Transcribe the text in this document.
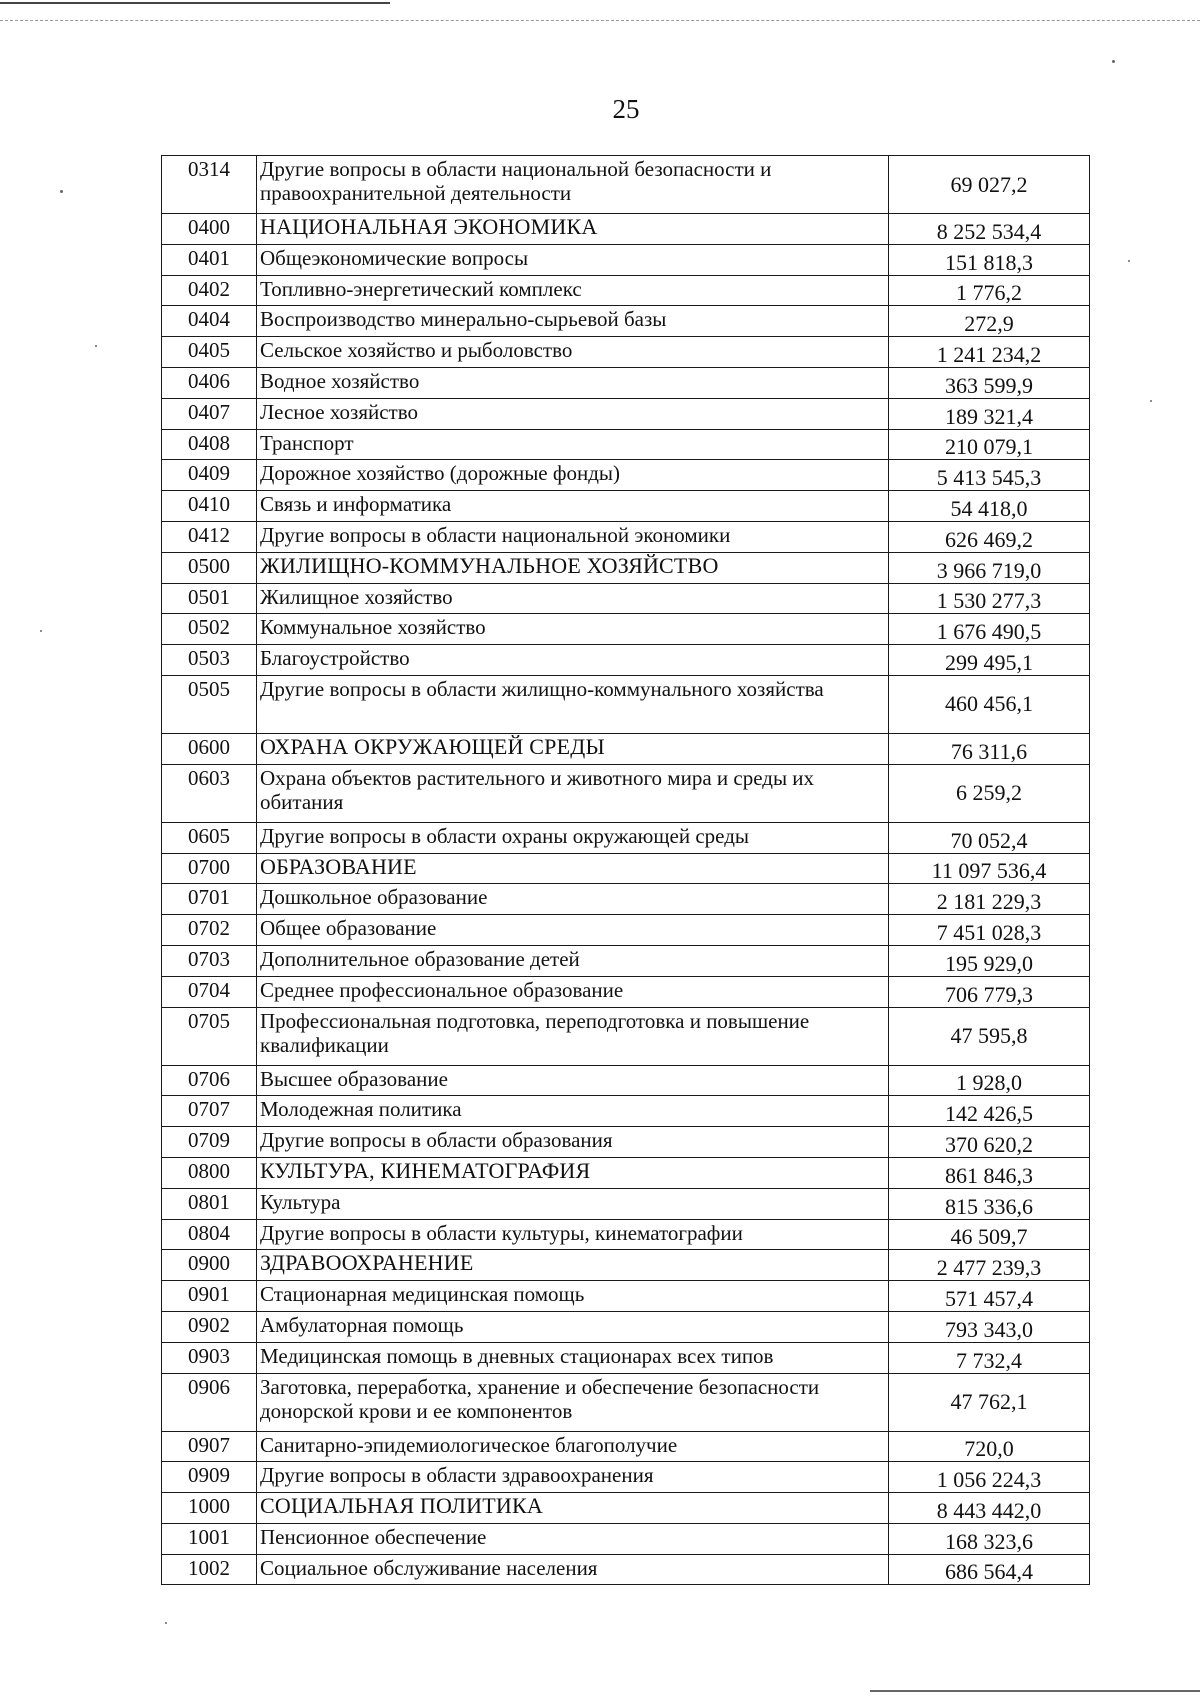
25
0314	Другие вопросы в области национальной безопасности и правоохранительной деятельности	69 027,2
0400	НАЦИОНАЛЬНАЯ ЭКОНОМИКА	8 252 534,4
0401	Общеэкономические вопросы	151 818,3
0402	Топливно-энергетический комплекс	1 776,2
0404	Воспроизводство минерально-сырьевой базы	272,9
0405	Сельское хозяйство и рыболовство	1 241 234,2
0406	Водное хозяйство	363 599,9
0407	Лесное хозяйство	189 321,4
0408	Транспорт	210 079,1
0409	Дорожное хозяйство (дорожные фонды)	5 413 545,3
0410	Связь и информатика	54 418,0
0412	Другие вопросы в области национальной экономики	626 469,2
0500	ЖИЛИЩНО-КОММУНАЛЬНОЕ ХОЗЯЙСТВО	3 966 719,0
0501	Жилищное хозяйство	1 530 277,3
0502	Коммунальное хозяйство	1 676 490,5
0503	Благоустройство	299 495,1
0505	Другие вопросы в области жилищно-коммунального хозяйства	460 456,1
0600	ОХРАНА ОКРУЖАЮЩЕЙ СРЕДЫ	76 311,6
0603	Охрана объектов растительного и животного мира и среды их обитания	6 259,2
0605	Другие вопросы в области охраны окружающей среды	70 052,4
0700	ОБРАЗОВАНИЕ	11 097 536,4
0701	Дошкольное образование	2 181 229,3
0702	Общее образование	7 451 028,3
0703	Дополнительное образование детей	195 929,0
0704	Среднее профессиональное образование	706 779,3
0705	Профессиональная подготовка, переподготовка и повышение квалификации	47 595,8
0706	Высшее образование	1 928,0
0707	Молодежная политика	142 426,5
0709	Другие вопросы в области образования	370 620,2
0800	КУЛЬТУРА, КИНЕМАТОГРАФИЯ	861 846,3
0801	Культура	815 336,6
0804	Другие вопросы в области культуры, кинематографии	46 509,7
0900	ЗДРАВООХРАНЕНИЕ	2 477 239,3
0901	Стационарная медицинская помощь	571 457,4
0902	Амбулаторная помощь	793 343,0
0903	Медицинская помощь в дневных стационарах всех типов	7 732,4
0906	Заготовка, переработка, хранение и обеспечение безопасности донорской крови и ее компонентов	47 762,1
0907	Санитарно-эпидемиологическое благополучие	720,0
0909	Другие вопросы в области здравоохранения	1 056 224,3
1000	СОЦИАЛЬНАЯ ПОЛИТИКА	8 443 442,0
1001	Пенсионное обеспечение	168 323,6
1002	Социальное обслуживание населения	686 564,4
